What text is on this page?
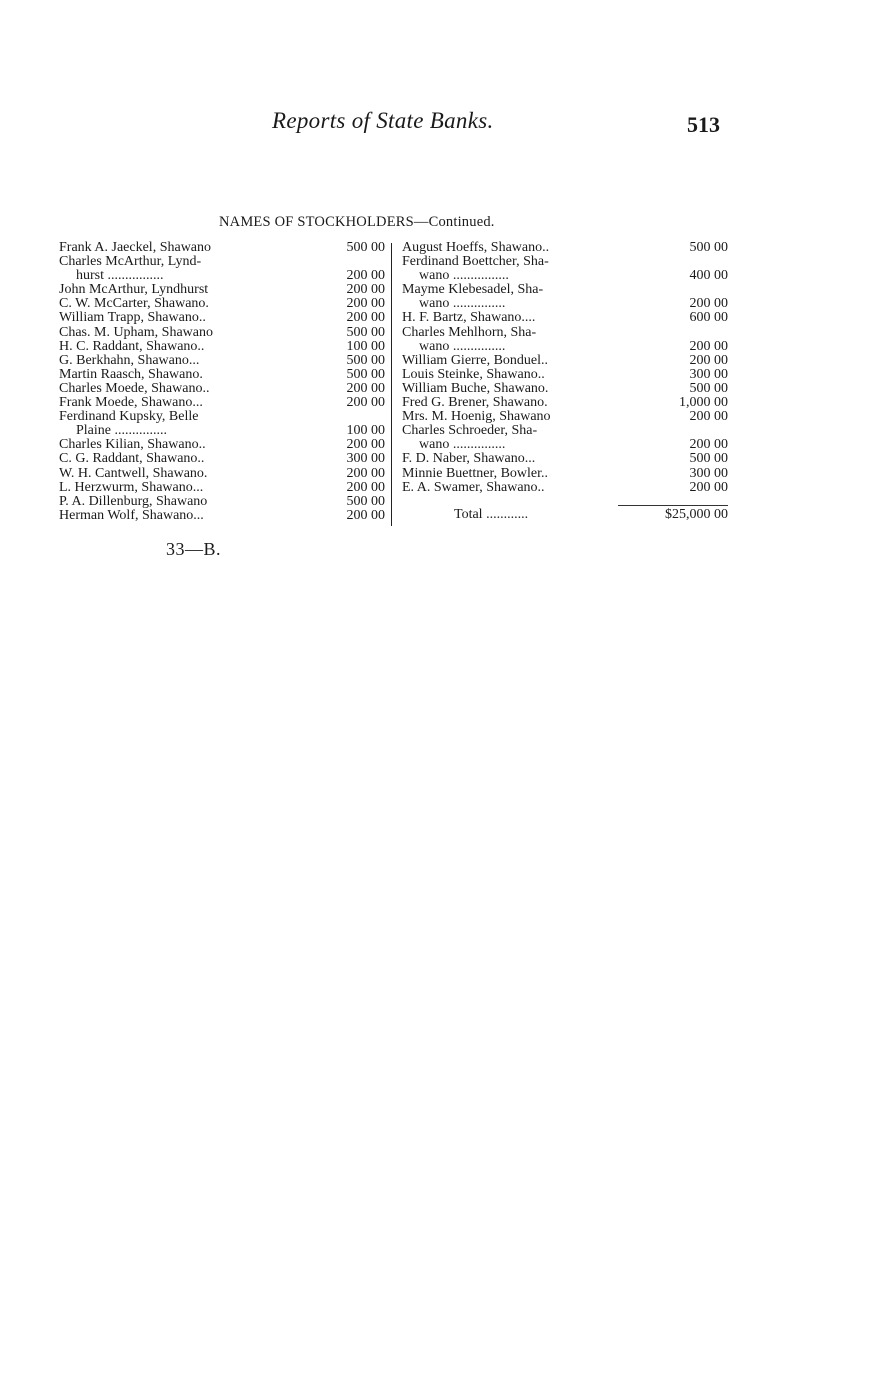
Reports of State Banks.	513
NAMES OF STOCKHOLDERS—Continued.
Frank A. Jaeckel, Shawano	500 00
Charles McArthur, Lynd-
hurst ................	200 00
John McArthur, Lyndhurst	200 00
C. W. McCarter, Shawano.	200 00
William Trapp, Shawano..	200 00
Chas. M. Upham, Shawano	500 00
H. C. Raddant, Shawano..	100 00
G. Berkhahn, Shawano...	500 00
Martin Raasch, Shawano.	500 00
Charles Moede, Shawano..	200 00
Frank Moede, Shawano...	200 00
Ferdinand Kupsky, Belle
Plaine ...............	100 00
Charles Kilian, Shawano..	200 00
C. G. Raddant, Shawano..	300 00
W. H. Cantwell, Shawano.	200 00
L. Herzwurm, Shawano...	200 00
P. A. Dillenburg, Shawano	500 00
Herman Wolf, Shawano...	200 00
August Hoeffs, Shawano..	500 00
Ferdinand Boettcher, Sha-
wano ................	400 00
Mayme Klebesadel, Sha-
wano ...............	200 00
H. F. Bartz, Shawano....	600 00
Charles Mehlhorn, Sha-
wano ...............	200 00
William Gierre, Bonduel..	200 00
Louis Steinke, Shawano..	300 00
William Buche, Shawano.	500 00
Fred G. Brener, Shawano.	1,000 00
Mrs. M. Hoenig, Shawano	200 00
Charles Schroeder, Sha-
wano ...............	200 00
F. D. Naber, Shawano...	500 00
Minnie Buettner, Bowler..	300 00
E. A. Swamer, Shawano..	200 00
Total ............	$25,000 00
33—B.
